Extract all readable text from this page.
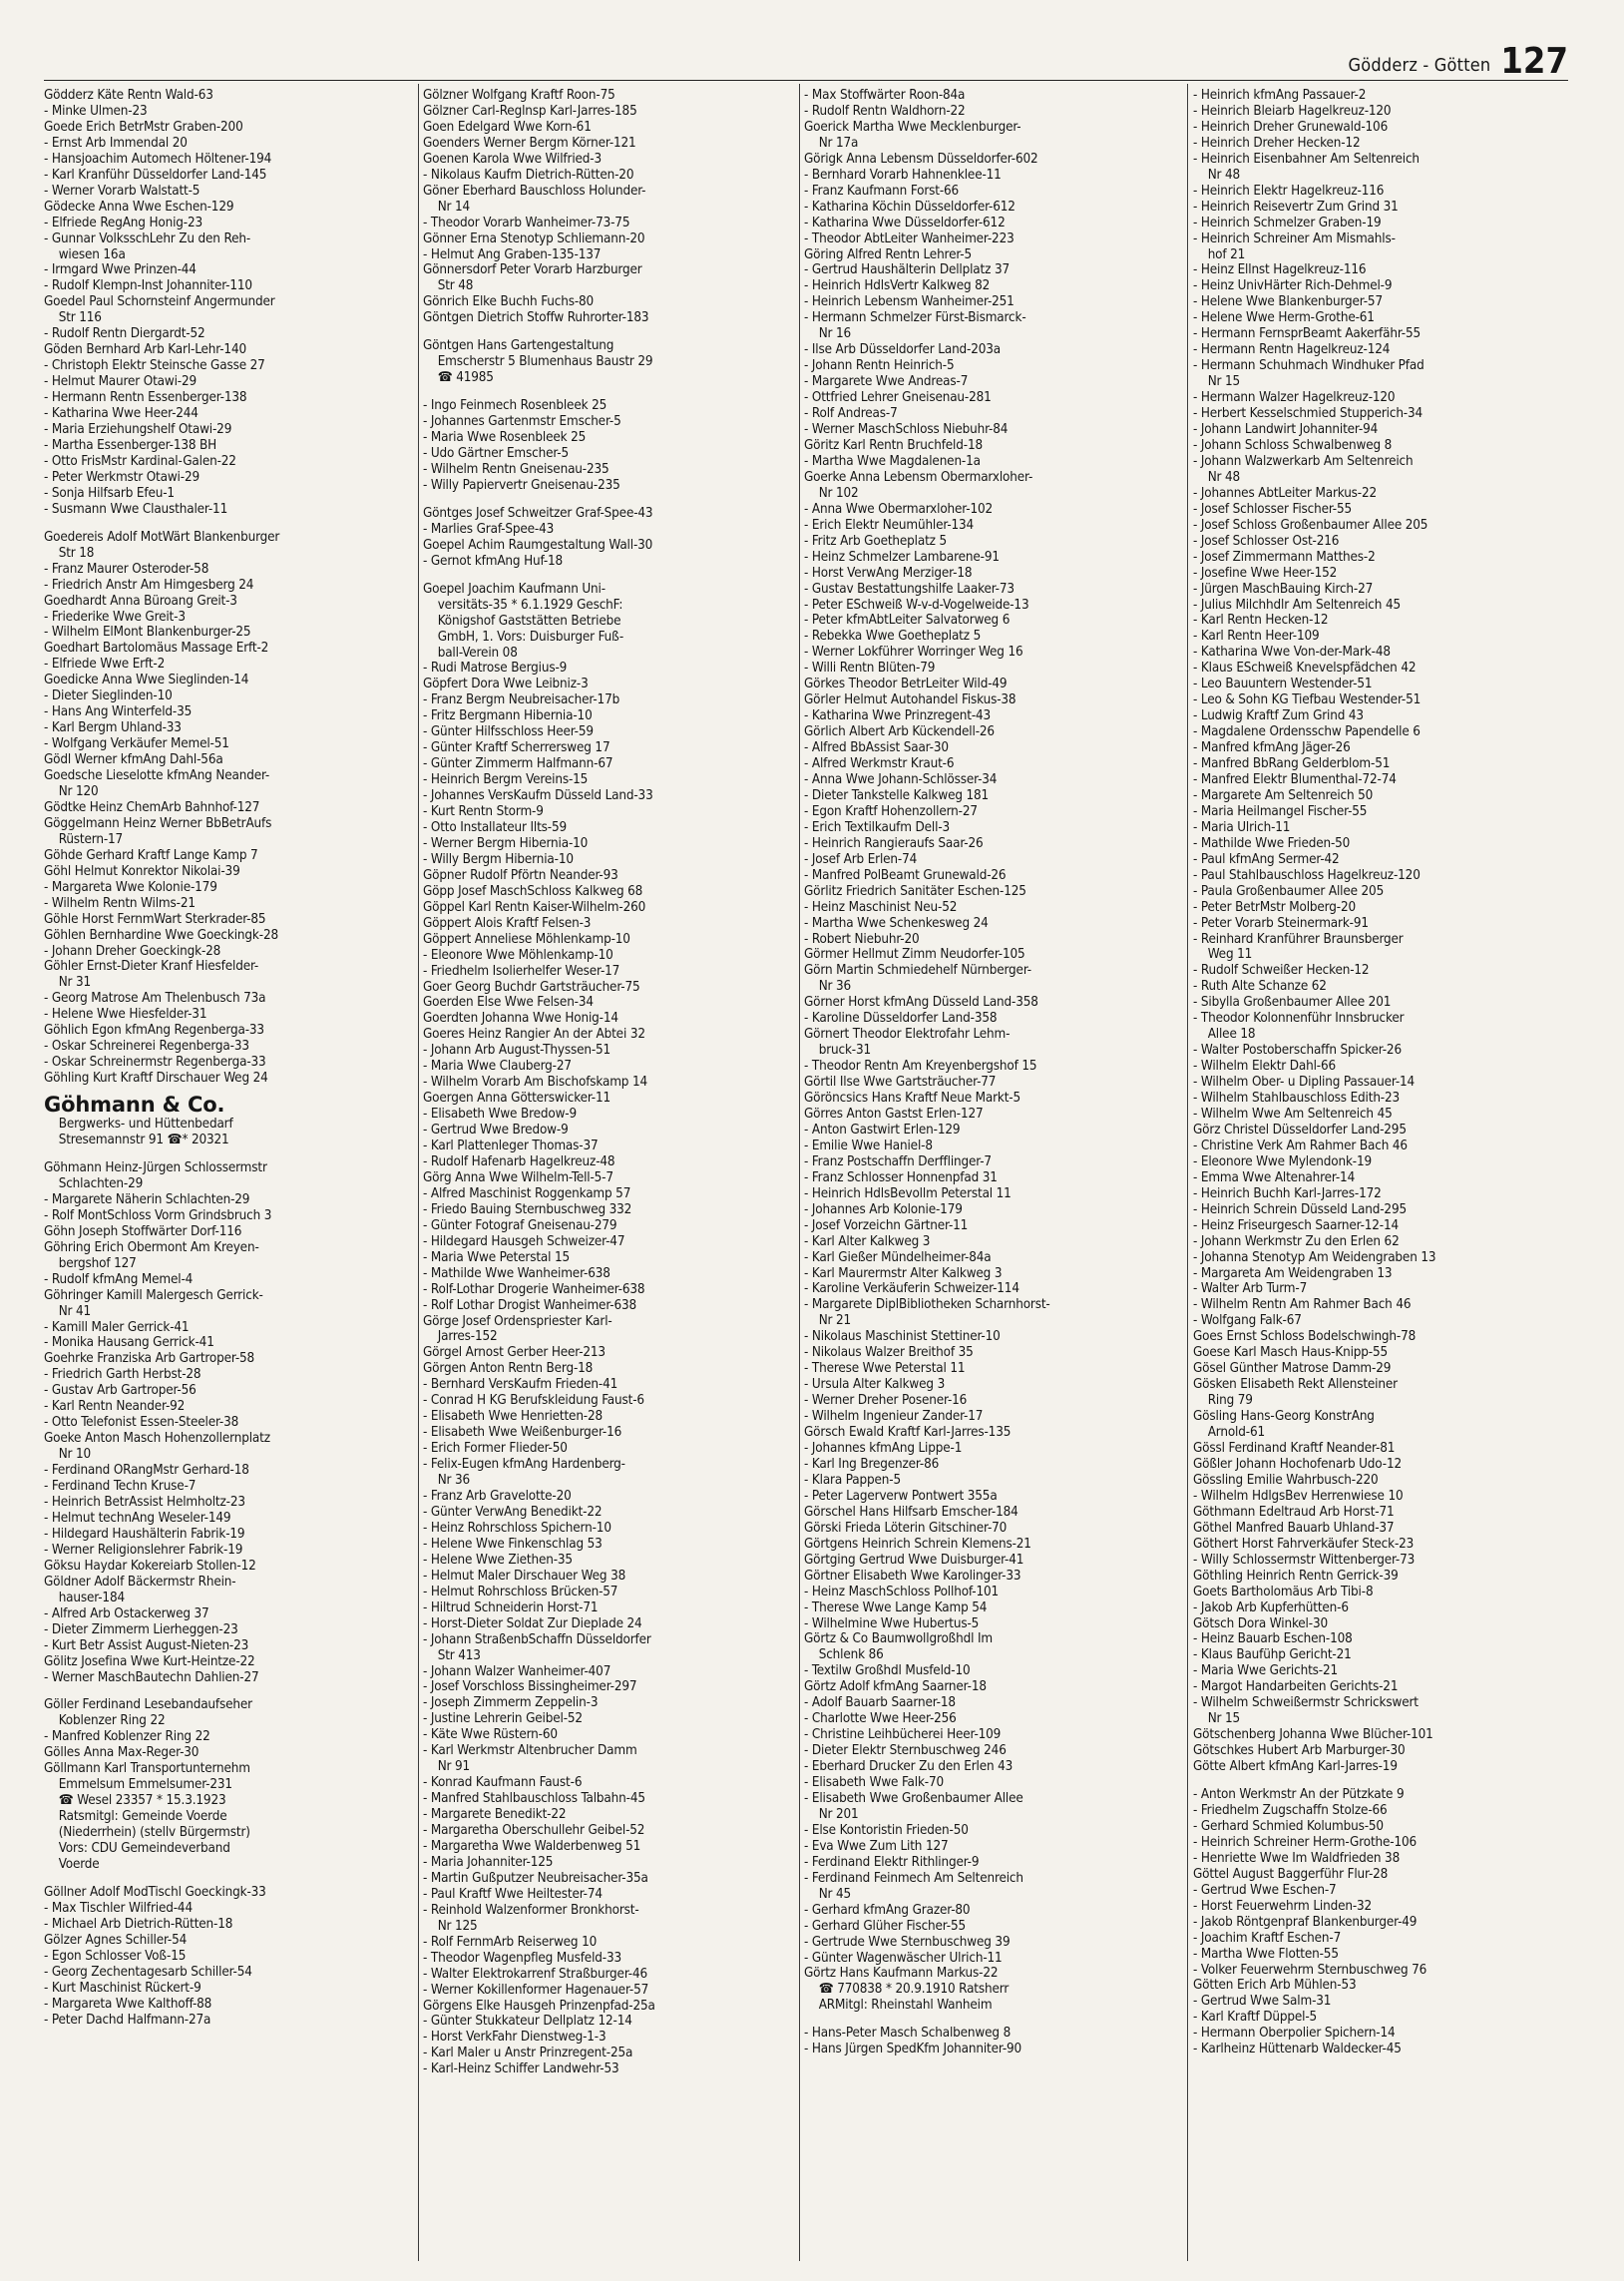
Gödderz - Götten 127
Gödderz Käte Rentn Wald-63
- Minke Ulmen-23
Goede Erich BetrMstr Graben-200
- Ernst Arb Immendal 20
- Hansjoachim Automech Höltener-194
- Karl Kranführ Düsseldorfer Land-145
- Werner Vorarb Walstatt-5
Gödecke Anna Wwe Eschen-129
- Elfriede RegAng Honig-23
- Gunnar VolksschLehr Zu den Reh-
wiesen 16a
- Irmgard Wwe Prinzen-44
- Rudolf Klempn-Inst Johanniter-110
Goedel Paul Schornsteinf Angermunder
Str 116
- Rudolf Rentn Diergardt-52
Göden Bernhard Arb Karl-Lehr-140
- Christoph Elektr Steinsche Gasse 27
- Helmut Maurer Otawi-29
- Hermann Rentn Essenberger-138
- Katharina Wwe Heer-244
- Maria Erziehungshelf Otawi-29
- Martha Essenberger-138 BH
- Otto FrisMstr Kardinal-Galen-22
- Peter Werkmstr Otawi-29
- Sonja Hilfsarb Efeu-1
- Susmann Wwe Clausthaler-11
Goedereis Adolf MotWärt Blankenburger
Str 18
- Franz Maurer Osteroder-58
- Friedrich Anstr Am Himgesberg 24
Goedhardt Anna Büroang Greit-3
- Friederike Wwe Greit-3
- Wilhelm ElMont Blankenburger-25
Goedhart Bartolomäus Massage Erft-2
- Elfriede Wwe Erft-2
Goedicke Anna Wwe Sieglinden-14
- Dieter Sieglinden-10
- Hans Ang Winterfeld-35
- Karl Bergm Uhland-33
- Wolfgang Verkäufer Memel-51
Gödl Werner kfmAng Dahl-56a
Goedsche Lieselotte kfmAng Neander-
Nr 120
Gödtke Heinz ChemArb Bahnhof-127
Göggelmann Heinz Werner BbBetrAufs
Rüstern-17
Göhde Gerhard Kraftf Lange Kamp 7
Göhl Helmut Konrektor Nikolai-39
- Margareta Wwe Kolonie-179
- Wilhelm Rentn Wilms-21
Göhle Horst FernmWart Sterkrader-85
Göhlen Bernhardine Wwe Goeckingk-28
- Johann Dreher Goeckingk-28
Göhler Ernst-Dieter Kranf Hiesfelder-
Nr 31
- Georg Matrose Am Thelenbusch 73a
- Helene Wwe Hiesfelder-31
Göhlich Egon kfmAng Regenberga-33
- Oskar Schreinerei Regenberga-33
- Oskar Schreinermstr Regenberga-33
Göhling Kurt Kraftf Dirschauer Weg 24
Göhmann & Co.
Bergwerks- und Hüttenbedarf
Stresemannstr 91 ☎* 20321
Göhmann Heinz-Jürgen Schlossermstr
Schlachten-29
- Margarete Näherin Schlachten-29
- Rolf MontSchloss Vorm Grindsbruch 3
Göhn Joseph Stoffwärter Dorf-116
Göhring Erich Obermont Am Kreyen-
bergshof 127
- Rudolf kfmAng Memel-4
Göhringer Kamill Malergesch Gerrick-
Nr 41
- Kamill Maler Gerrick-41
- Monika Hausang Gerrick-41
Goehrke Franziska Arb Gartroper-58
- Friedrich Garth Herbst-28
- Gustav Arb Gartroper-56
- Karl Rentn Neander-92
- Otto Telefonist Essen-Steeler-38
Goeke Anton Masch Hohenzollernplatz
Nr 10
- Ferdinand ORangMstr Gerhard-18
- Ferdinand Techn Kruse-7
- Heinrich BetrAssist Helmholtz-23
- Helmut technAng Weseler-149
- Hildegard Haushälterin Fabrik-19
- Werner Religionslehrer Fabrik-19
Göksu Haydar Kokereiarb Stollen-12
Göldner Adolf Bäckermstr Rhein-
hauser-184
- Alfred Arb Ostackerweg 37
- Dieter Zimmerm Lierheggen-23
- Kurt Betr Assist August-Nieten-23
Gölitz Josefina Wwe Kurt-Heintze-22
- Werner MaschBautechn Dahlien-27
Göller Ferdinand Lesebandaufseher
Koblenzer Ring 22
- Manfred Koblenzer Ring 22
Gölles Anna Max-Reger-30
Göllmann Karl Transportunternehm
Emmelsum Emmelsumer-231
☎ Wesel 23357 * 15.3.1923
Ratsmitgl: Gemeinde Voerde
(Niederrhein) (stellv Bürgermstr)
Vors: CDU Gemeindeverband
Voerde
Göllner Adolf ModTischl Goeckingk-33
- Max Tischler Wilfried-44
- Michael Arb Dietrich-Rütten-18
Gölzer Agnes Schiller-54
- Egon Schlosser Voß-15
- Georg Zechentagesarb Schiller-54
- Kurt Maschinist Rückert-9
- Margareta Wwe Kalthoff-88
- Peter Dachd Halfmann-27a
Gölzner Wolfgang Kraftf Roon-75
Gölzner Carl-Reglnsp Karl-Jarres-185
Goen Edelgard Wwe Korn-61
Goenders Werner Bergm Körner-121
Goenen Karola Wwe Wilfried-3
- Nikolaus Kaufm Dietrich-Rütten-20
Göner Eberhard Bauschloss Holunder-
Nr 14
- Theodor Vorarb Wanheimer-73-75
Gönner Erna Stenotyp Schliemann-20
- Helmut Ang Graben-135-137
Gönnersdorf Peter Vorarb Harzburger
Str 48
Gönrich Elke Buchh Fuchs-80
Göntgen Dietrich Stoffw Ruhrorter-183
Göntgen Hans Gartengestaltung
Emscherstr 5 Blumenhaus Baustr 29
☎ 41985
- Ingo Feinmech Rosenbleek 25
- Johannes Gartenmstr Emscher-5
- Maria Wwe Rosenbleek 25
- Udo Gärtner Emscher-5
- Wilhelm Rentn Gneisenau-235
- Willy Papiervertr Gneisenau-235
Göntges Josef Schweitzer Graf-Spee-43
- Marlies Graf-Spee-43
Goepel Achim Raumgestaltung Wall-30
- Gernot kfmAng Huf-18
Goepel Joachim Kaufmann Uni-
versitäts-35 * 6.1.1929 GeschF:
Königshof Gaststätten Betriebe
GmbH, 1. Vors: Duisburger Fuß-
ball-Verein 08
- Rudi Matrose Bergius-9
Göpfert Dora Wwe Leibniz-3
- Franz Bergm Neubreisacher-17b
- Fritz Bergmann Hibernia-10
- Günter Hilfsschloss Heer-59
- Günter Kraftf Scherrersweg 17
- Günter Zimmerm Halfmann-67
- Heinrich Bergm Vereins-15
- Johannes VersKaufm Düsseld Land-33
- Kurt Rentn Storm-9
- Otto Installateur Ilts-59
- Werner Bergm Hibernia-10
- Willy Bergm Hibernia-10
Göpner Rudolf Pförtn Neander-93
Göpp Josef MaschSchloss Kalkweg 68
Göppel Karl Rentn Kaiser-Wilhelm-260
Göppert Alois Kraftf Felsen-3
Göppert Anneliese Möhlenkamp-10
- Eleonore Wwe Möhlenkamp-10
- Friedhelm Isolierhelfer Weser-17
Goer Georg Buchdr Gartsträucher-75
Goerden Else Wwe Felsen-34
Goerdten Johanna Wwe Honig-14
Goeres Heinz Rangier An der Abtei 32
- Johann Arb August-Thyssen-51
- Maria Wwe Clauberg-27
- Wilhelm Vorarb Am Bischofskamp 14
Goergen Anna Götterswicker-11
- Elisabeth Wwe Bredow-9
- Gertrud Wwe Bredow-9
- Karl Plattenleger Thomas-37
- Rudolf Hafenarb Hagelkreuz-48
Görg Anna Wwe Wilhelm-Tell-5-7
- Alfred Maschinist Roggenkamp 57
- Friedo Bauing Sternbuschweg 332
- Günter Fotograf Gneisenau-279
- Hildegard Hausgeh Schweizer-47
- Maria Wwe Peterstal 15
- Mathilde Wwe Wanheimer-638
- Rolf-Lothar Drogerie Wanheimer-638
- Rolf Lothar Drogist Wanheimer-638
Görge Josef Ordenspriester Karl-
Jarres-152
Görgel Arnost Gerber Heer-213
Görgen Anton Rentn Berg-18
- Bernhard VersKaufm Frieden-41
- Conrad H KG Berufskleidung Faust-6
- Elisabeth Wwe Henrietten-28
- Elisabeth Wwe Weißenburger-16
- Erich Former Flieder-50
- Felix-Eugen kfmAng Hardenberg-
Nr 36
- Franz Arb Gravelotte-20
- Günter VerwAng Benedikt-22
- Heinz Rohrschloss Spichern-10
- Helene Wwe Finkenschlag 53
- Helene Wwe Ziethen-35
- Helmut Maler Dirschauer Weg 38
- Helmut Rohrschloss Brücken-57
- Hiltrud Schneiderin Horst-71
- Horst-Dieter Soldat Zur Dieplade 24
- Johann StraßenbSchaffn Düsseldorfer
Str 413
- Johann Walzer Wanheimer-407
- Josef Vorschloss Bissingheimer-297
- Joseph Zimmerm Zeppelin-3
- Justine Lehrerin Geibel-52
- Käte Wwe Rüstern-60
- Karl Werkmstr Altenbrucher Damm
Nr 91
- Konrad Kaufmann Faust-6
- Manfred Stahlbauschloss Talbahn-45
- Margarete Benedikt-22
- Margaretha Oberschullehr Geibel-52
- Margaretha Wwe Walderbenweg 51
- Maria Johanniter-125
- Martin Gußputzer Neubreisacher-35a
- Paul Kraftf Wwe Heiltester-74
- Reinhold Walzenformer Bronkhorst-
Nr 125
- Rolf FernmArb Reiserweg 10
- Theodor Wagenpfleg Musfeld-33
- Walter Elektrokarrenf Straßburger-46
- Werner Kokillenformer Hagenauer-57
Görgens Elke Hausgeh Prinzenpfad-25a
- Günter Stukkateur Dellplatz 12-14
- Horst VerkFahr Dienstweg-1-3
- Karl Maler u Anstr Prinzregent-25a
- Karl-Heinz Schiffer Landwehr-53
- Max Stoffwärter Roon-84a
- Rudolf Rentn Waldhorn-22
Goerick Martha Wwe Mecklenburger-
Nr 17a
Görigk Anna Lebensm Düsseldorfer-602
- Bernhard Vorarb Hahnenklee-11
- Franz Kaufmann Forst-66
- Katharina Köchin Düsseldorfer-612
- Katharina Wwe Düsseldorfer-612
- Theodor AbtLeiter Wanheimer-223
Göring Alfred Rentn Lehrer-5
- Gertrud Haushälterin Dellplatz 37
- Heinrich HdlsVertr Kalkweg 82
- Heinrich Lebensm Wanheimer-251
- Hermann Schmelzer Fürst-Bismarck-
Nr 16
- Ilse Arb Düsseldorfer Land-203a
- Johann Rentn Heinrich-5
- Margarete Wwe Andreas-7
- Ottfried Lehrer Gneisenau-281
- Rolf Andreas-7
- Werner MaschSchloss Niebuhr-84
Göritz Karl Rentn Bruchfeld-18
- Martha Wwe Magdalenen-1a
Goerke Anna Lebensm Obermarxloher-
Nr 102
- Anna Wwe Obermarxloher-102
- Erich Elektr Neumühler-134
- Fritz Arb Goetheplatz 5
- Heinz Schmelzer Lambarene-91
- Horst VerwAng Merziger-18
- Gustav Bestattungshilfe Laaker-73
- Peter ESchweiß W-v-d-Vogelweide-13
- Peter kfmAbtLeiter Salvatorweg 6
- Rebekka Wwe Goetheplatz 5
- Werner Lokführer Worringer Weg 16
- Willi Rentn Blüten-79
Görkes Theodor BetrLeiter Wild-49
Görler Helmut Autohandel Fiskus-38
- Katharina Wwe Prinzregent-43
Görlich Albert Arb Kückendell-26
- Alfred BbAssist Saar-30
- Alfred Werkmstr Kraut-6
- Anna Wwe Johann-Schlösser-34
- Dieter Tankstelle Kalkweg 181
- Egon Kraftf Hohenzollern-27
- Erich Textilkaufm Dell-3
- Heinrich Rangieraufs Saar-26
- Josef Arb Erlen-74
- Manfred PolBeamt Grunewald-26
Görlitz Friedrich Sanitäter Eschen-125
- Heinz Maschinist Neu-52
- Martha Wwe Schenkesweg 24
- Robert Niebuhr-20
Görmer Hellmut Zimm Neudorfer-105
Görn Martin Schmiedehelf Nürnberger-
Nr 36
Görner Horst kfmAng Düsseld Land-358
- Karoline Düsseldorfer Land-358
Görnert Theodor Elektrofahr Lehm-
bruck-31
- Theodor Rentn Am Kreyenbergshof 15
Görtil Ilse Wwe Gartsträucher-77
Göröncsics Hans Kraftf Neue Markt-5
Görres Anton Gastst Erlen-127
- Anton Gastwirt Erlen-129
- Emilie Wwe Haniel-8
- Franz Postschaffn Derfflinger-7
- Franz Schlosser Honnenpfad 31
- Heinrich HdlsBevollm Peterstal 11
- Johannes Arb Kolonie-179
- Josef Vorzeichn Gärtner-11
- Karl Alter Kalkweg 3
- Karl Gießer Mündelheimer-84a
- Karl Maurermstr Alter Kalkweg 3
- Karoline Verkäuferin Schweizer-114
- Margarete DiplBibliotheken Scharnhorst-
Nr 21
- Nikolaus Maschinist Stettiner-10
- Nikolaus Walzer Breithof 35
- Therese Wwe Peterstal 11
- Ursula Alter Kalkweg 3
- Werner Dreher Posener-16
- Wilhelm Ingenieur Zander-17
Görsch Ewald Kraftf Karl-Jarres-135
- Johannes kfmAng Lippe-1
- Karl Ing Bregenzer-86
- Klara Pappen-5
- Peter Lagerverw Pontwert 355a
Görschel Hans Hilfsarb Emscher-184
Görski Frieda Löterin Gitschiner-70
Görtgens Heinrich Schrein Klemens-21
Görtging Gertrud Wwe Duisburger-41
Görtner Elisabeth Wwe Karolinger-33
- Heinz MaschSchloss Pollhof-101
- Therese Wwe Lange Kamp 54
- Wilhelmine Wwe Hubertus-5
Görtz & Co Baumwollgroßhdl Im
Schlenk 86
- Textilw Großhdl Musfeld-10
Görtz Adolf kfmAng Saarner-18
- Adolf Bauarb Saarner-18
- Charlotte Wwe Heer-256
- Christine Leihbücherei Heer-109
- Dieter Elektr Sternbuschweg 246
- Eberhard Drucker Zu den Erlen 43
- Elisabeth Wwe Falk-70
- Elisabeth Wwe Großenbaumer Allee
Nr 201
- Else Kontoristin Frieden-50
- Eva Wwe Zum Lith 127
- Ferdinand Elektr Rithlinger-9
- Ferdinand Feinmech Am Seltenreich
Nr 45
- Gerhard kfmAng Grazer-80
- Gerhard Glüher Fischer-55
- Gertrude Wwe Sternbuschweg 39
- Günter Wagenwäscher Ulrich-11
Görtz Hans Kaufmann Markus-22
☎ 770838 * 20.9.1910 Ratsherr
ARMitgl: Rheinstahl Wanheim
- Hans-Peter Masch Schalbenweg 8
- Hans Jürgen SpedKfm Johanniter-90
- Heinrich kfmAng Passauer-2
- Heinrich Bleiarb Hagelkreuz-120
- Heinrich Dreher Grunewald-106
- Heinrich Dreher Hecken-12
- Heinrich Eisenbahner Am Seltenreich
Nr 48
- Heinrich Elektr Hagelkreuz-116
- Heinrich Reisevertr Zum Grind 31
- Heinrich Schmelzer Graben-19
- Heinrich Schreiner Am Mismahls-
hof 21
- Heinz Ellnst Hagelkreuz-116
- Heinz UnivHärter Rich-Dehmel-9
- Helene Wwe Blankenburger-57
- Helene Wwe Herm-Grothe-61
- Hermann FernsprBeamt Aakerfähr-55
- Hermann Rentn Hagelkreuz-124
- Hermann Schuhmach Windhuker Pfad
Nr 15
- Hermann Walzer Hagelkreuz-120
- Herbert Kesselschmied Stupperich-34
- Johann Landwirt Johanniter-94
- Johann Schloss Schwalbenweg 8
- Johann Walzwerkarb Am Seltenreich
Nr 48
- Johannes AbtLeiter Markus-22
- Josef Schlosser Fischer-55
- Josef Schloss Großenbaumer Allee 205
- Josef Schlosser Ost-216
- Josef Zimmermann Matthes-2
- Josefine Wwe Heer-152
- Jürgen MaschBauing Kirch-27
- Julius Milchhdlr Am Seltenreich 45
- Karl Rentn Hecken-12
- Karl Rentn Heer-109
- Katharina Wwe Von-der-Mark-48
- Klaus ESchweiß Knevelspfädchen 42
- Leo Bauuntern Westender-51
- Leo & Sohn KG Tiefbau Westender-51
- Ludwig Kraftf Zum Grind 43
- Magdalene Ordensschw Papendelle 6
- Manfred kfmAng Jäger-26
- Manfred BbRang Gelderblom-51
- Manfred Elektr Blumenthal-72-74
- Margarete Am Seltenreich 50
- Maria Heilmangel Fischer-55
- Maria Ulrich-11
- Mathilde Wwe Frieden-50
- Paul kfmAng Sermer-42
- Paul Stahlbauschloss Hagelkreuz-120
- Paula Großenbaumer Allee 205
- Peter BetrMstr Molberg-20
- Peter Vorarb Steinermark-91
- Reinhard Kranführer Braunsberger
Weg 11
- Rudolf Schweißer Hecken-12
- Ruth Alte Schanze 62
- Sibylla Großenbaumer Allee 201
- Theodor Kolonnenführ Innsbrucker
Allee 18
- Walter Postoberschaffn Spicker-26
- Wilhelm Elektr Dahl-66
- Wilhelm Ober- u Dipling Passauer-14
- Wilhelm Stahlbauschloss Edith-23
- Wilhelm Wwe Am Seltenreich 45
Görz Christel Düsseldorfer Land-295
- Christine Verk Am Rahmer Bach 46
- Eleonore Wwe Mylendonk-19
- Emma Wwe Altenahrer-14
- Heinrich Buchh Karl-Jarres-172
- Heinrich Schrein Düsseld Land-295
- Heinz Friseurgesch Saarner-12-14
- Johann Werkmstr Zu den Erlen 62
- Johanna Stenotyp Am Weidengraben 13
- Margareta Am Weidengraben 13
- Walter Arb Turm-7
- Wilhelm Rentn Am Rahmer Bach 46
- Wolfgang Falk-67
Goes Ernst Schloss Bodelschwingh-78
Goese Karl Masch Haus-Knipp-55
Gösel Günther Matrose Damm-29
Gösken Elisabeth Rekt Allensteiner
Ring 79
Gösling Hans-Georg KonstrAng
Arnold-61
Gössl Ferdinand Kraftf Neander-81
Gößler Johann Hochofenarb Udo-12
Gössling Emilie Wahrbusch-220
- Wilhelm HdlgsBev Herrenwiese 10
Göthmann Edeltraud Arb Horst-71
Göthel Manfred Bauarb Uhland-37
Göthert Horst Fahrverkäufer Steck-23
- Willy Schlossermstr Wittenberger-73
Göthling Heinrich Rentn Gerrick-39
Goets Bartholomäus Arb Tibi-8
- Jakob Arb Kupferhütten-6
Götsch Dora Winkel-30
- Heinz Bauarb Eschen-108
- Klaus Baufühр Gericht-21
- Maria Wwe Gerichts-21
- Margot Handarbeiten Gerichts-21
- Wilhelm Schweißermstr Schrickswert
Nr 15
Götschenberg Johanna Wwe Blücher-101
Götschkes Hubert Arb Marburger-30
Götte Albert kfmAng Karl-Jarres-19
- Anton Werkmstr An der Pützkate 9
- Friedhelm Zugschaffn Stolze-66
- Gerhard Schmied Kolumbus-50
- Heinrich Schreiner Herm-Grothe-106
- Henriette Wwe Im Waldfrieden 38
Göttel August Baggerführ Flur-28
- Gertrud Wwe Eschen-7
- Horst Feuerwehrm Linden-32
- Jakob Röntgenpraf Blankenburger-49
- Joachim Kraftf Eschen-7
- Martha Wwe Flotten-55
- Volker Feuerwehrm Sternbuschweg 76
Götten Erich Arb Mühlen-53
- Gertrud Wwe Salm-31
- Karl Kraftf Düppel-5
- Hermann Oberpolier Spichern-14
- Karlheinz Hüttenarb Waldecker-45
